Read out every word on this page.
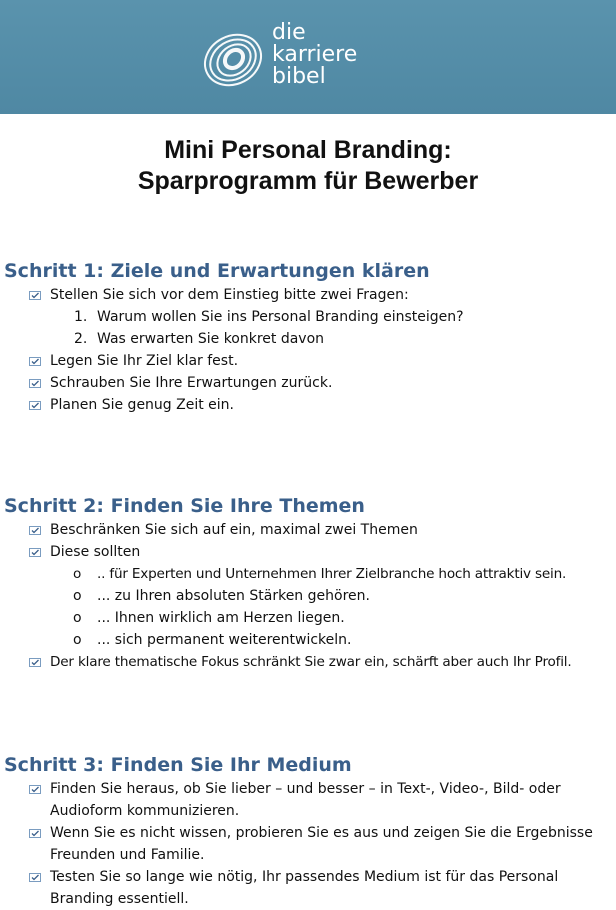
die
karriere
bibel
Mini Personal Branding:
Sparprogramm für Bewerber
Schritt 1: Ziele und Erwartungen klären
Stellen Sie sich vor dem Einstieg bitte zwei Fragen:
1. Warum wollen Sie ins Personal Branding einsteigen?
2. Was erwarten Sie konkret davon
Legen Sie Ihr Ziel klar fest.
Schrauben Sie Ihre Erwartungen zurück.
Planen Sie genug Zeit ein.
Schritt 2: Finden Sie Ihre Themen
Beschränken Sie sich auf ein, maximal zwei Themen
Diese sollten
o .. für Experten und Unternehmen Ihrer Zielbranche hoch attraktiv sein.
o ... zu Ihren absoluten Stärken gehören.
o ... Ihnen wirklich am Herzen liegen.
o ... sich permanent weiterentwickeln.
Der klare thematische Fokus schränkt Sie zwar ein, schärft aber auch Ihr Profil.
Schritt 3: Finden Sie Ihr Medium
Finden Sie heraus, ob Sie lieber – und besser – in Text-, Video-, Bild- oder
Audioform kommunizieren.
Wenn Sie es nicht wissen, probieren Sie es aus und zeigen Sie die Ergebnisse
Freunden und Familie.
Testen Sie so lange wie nötig, Ihr passendes Medium ist für das Personal
Branding essentiell.
